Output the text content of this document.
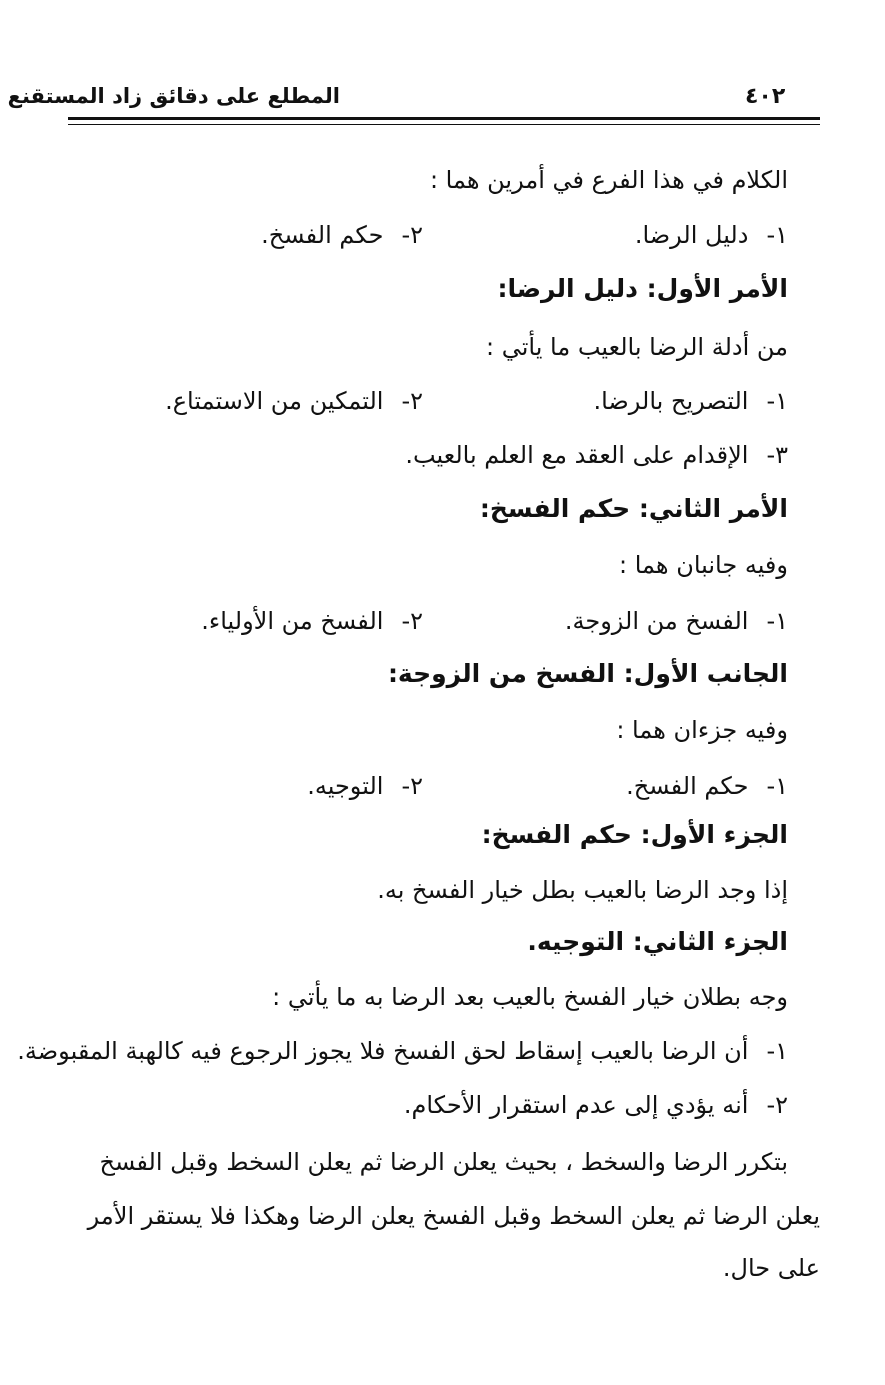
٤٠٢
المطلع على دقائق زاد المستقنع
الكلام في هذا الفرع في أمرين هما :
١-دليل الرضا.
٢-حكم الفسخ.
الأمر الأول: دليل الرضا:
من أدلة الرضا بالعيب ما يأتي :
١-التصريح بالرضا.
٢-التمكين من الاستمتاع.
٣-الإقدام على العقد مع العلم بالعيب.
الأمر الثاني: حكم الفسخ:
وفيه جانبان هما :
١-الفسخ من الزوجة.
٢-الفسخ من الأولياء.
الجانب الأول: الفسخ من الزوجة:
وفيه جزءان هما :
١-حكم الفسخ.
٢-التوجيه.
الجزء الأول: حكم الفسخ:
إذا وجد الرضا بالعيب بطل خيار الفسخ به.
الجزء الثاني: التوجيه.
وجه بطلان خيار الفسخ بالعيب بعد الرضا به ما يأتي :
١-أن الرضا بالعيب إسقاط لحق الفسخ فلا يجوز الرجوع فيه كالهبة المقبوضة.
٢-أنه يؤدي إلى عدم استقرار الأحكام.
بتكرر الرضا والسخط ، بحيث يعلن الرضا ثم يعلن السخط وقبل الفسخ
يعلن الرضا ثم يعلن السخط وقبل الفسخ يعلن الرضا وهكذا فلا يستقر الأمر
على حال.
